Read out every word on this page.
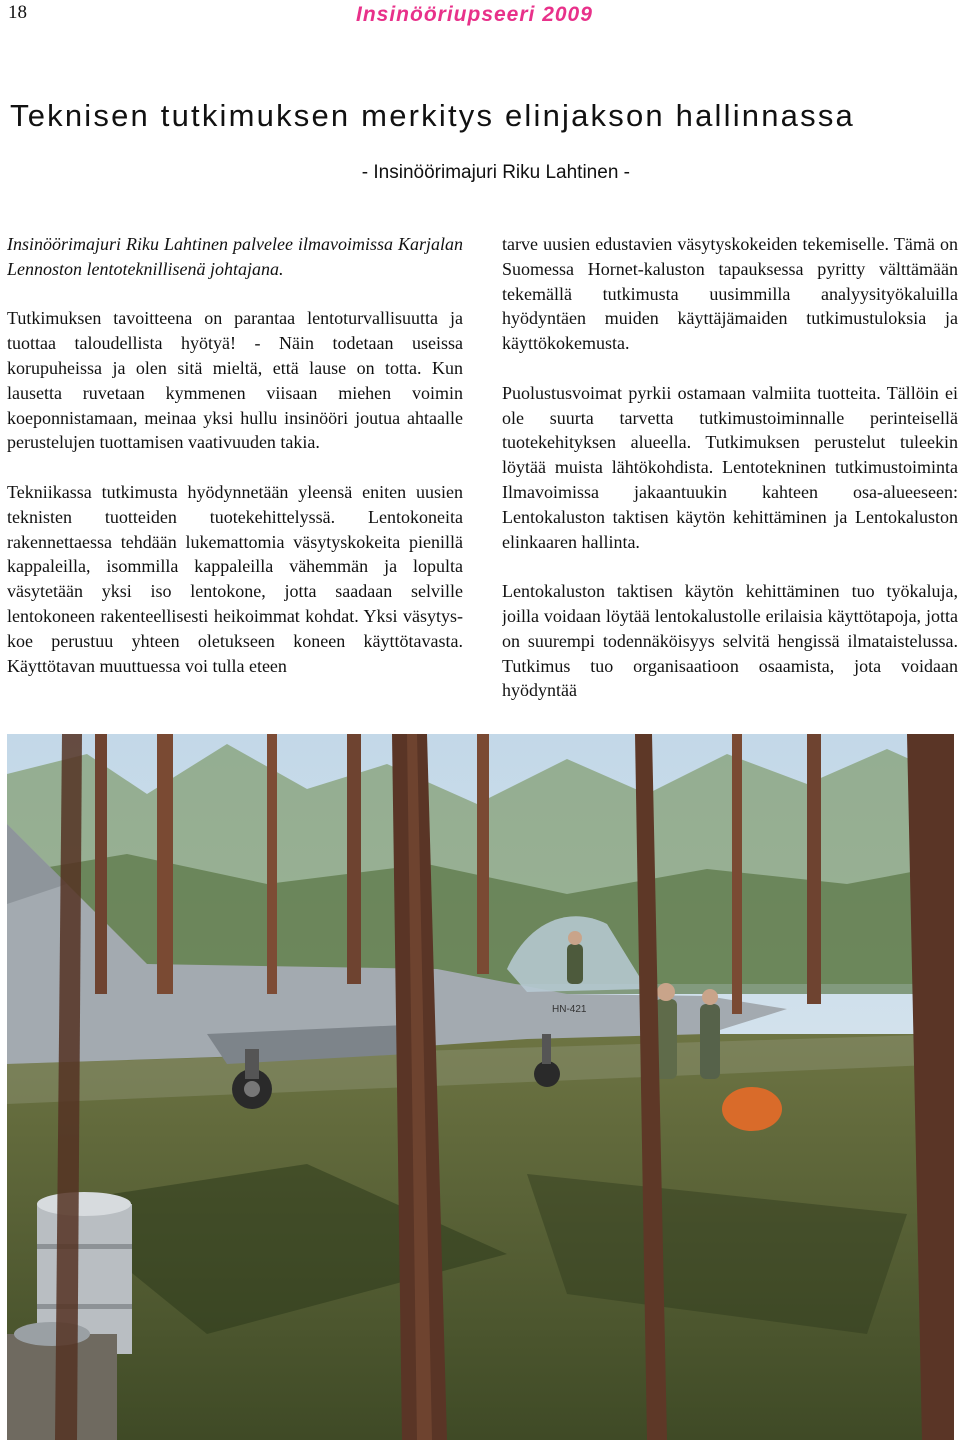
18	Insinööriupseeri 2009
Teknisen tutkimuksen merkitys elinjakson hallinnassa
- Insinöörimajuri Riku Lahtinen -

Insinöörimajuri Riku Lahtinen palvelee ilmavoimissa Karjalan Lennoston lentoteknillisenä johtajana.

Tutkimuksen tavoitteena on parantaa lentoturvallisuutta ja tuottaa taloudellista hyötyä! - Näin todetaan useissa korupuheissa ja olen sitä mieltä, että lause on totta. Kun lausetta ruvetaan kymmenen viisaan miehen voimin koeponnistamaan, meinaa yksi hullu insinööri joutua ahtaalle perustelujen tuottamisen vaativuuden takia.

Tekniikassa tutkimusta hyödynnetään yleensä eniten uusien teknisten tuotteiden tuotekehittelyssä. Lentokoneita rakennettaessa tehdään lukemattomia väsytyskokeita pienillä kappaleilla, isommilla kappaleilla vähemmän ja lopulta väsytetään yksi iso lentokone, jotta saadaan selville lentokoneen rakenteellisesti heikoimmat kohdat. Yksi väsytyskoe perustuu yhteen oletukseen koneen käyttötavasta. Käyttötavan muuttuessa voi tulla eteen

tarve uusien edustavien väsytyskokeiden tekemiselle. Tämä on Suomessa Hornet-kaluston tapauksessa pyritty välttämään tekemällä tutkimusta uusimmilla analyysityökaluilla hyödyntäen muiden käyttäjämaiden tutkimustuloksia ja käyttökokemusta.

Puolustusvoimat pyrkii ostamaan valmiita tuotteita. Tällöin ei ole suurta tarvetta tutkimustoiminnalle perinteisellä tuotekehityksen alueella. Tutkimuksen perustelut tuleekin löytää muista lähtökohdista. Lentotekninen tutkimustoiminta Ilmavoimissa jakaantuukin kahteen osa-alueeseen: Lentokaluston taktisen käytön kehittäminen ja Lentokaluston elinkaaren hallinta.

Lentokaluston taktisen käytön kehittäminen tuo työkaluja, joilla voidaan löytää lentokalustolle erilaisia käyttötapoja, jotta on suurempi todennäköisyys selvitä hengissä ilmataistelussa. Tutkimus tuo organisaatioon osaamista, jota voidaan hyödyntää

HN-421
